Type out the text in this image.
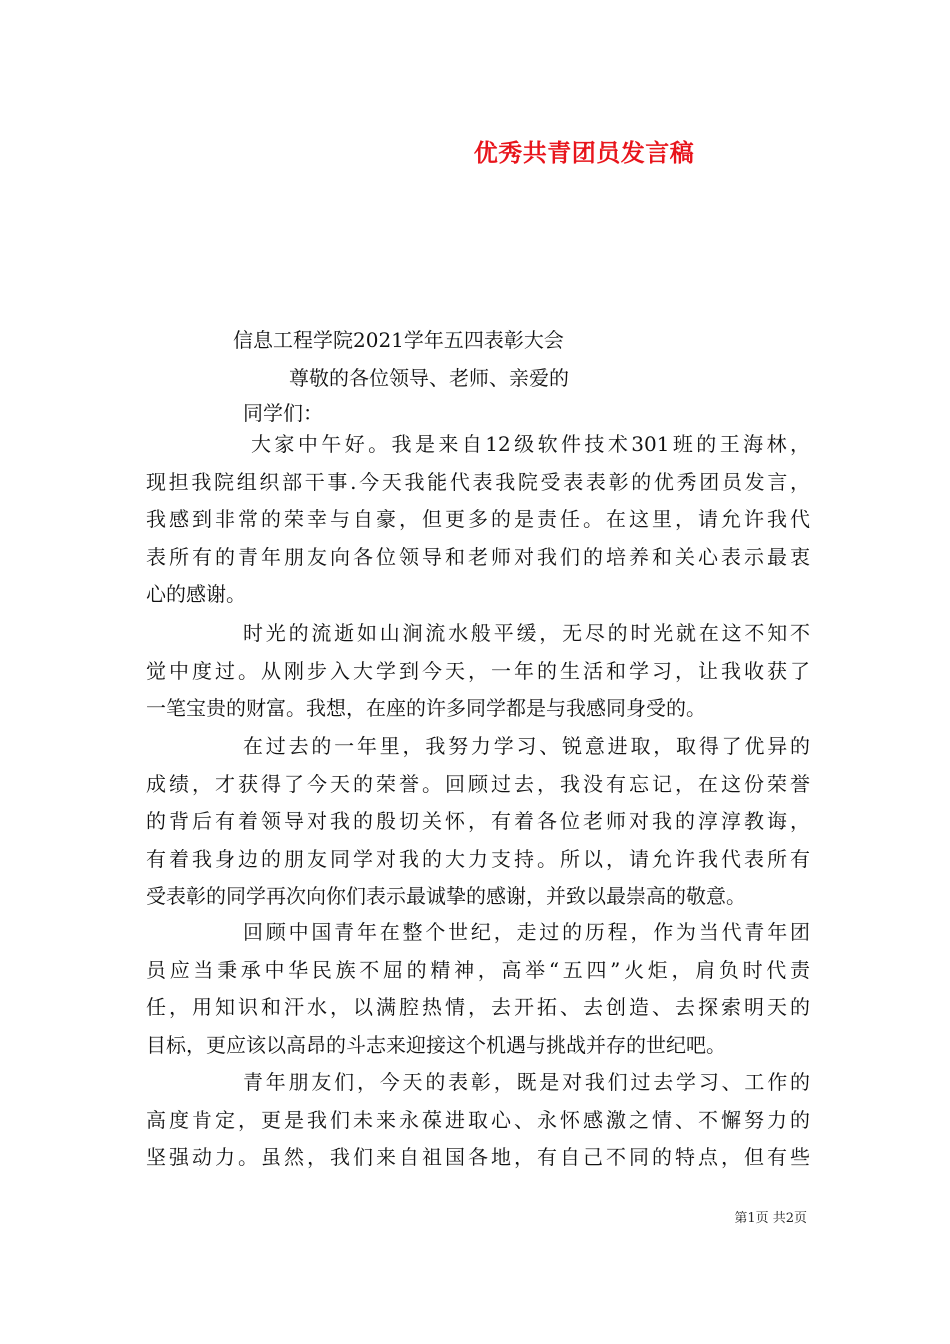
优秀共青团员发言稿
信息工程学院2021学年五四表彰大会
尊敬的各位领导、老师、亲爱的
同学们：
大家中午好。我是来自12级软件技术301班的王海林，
现担我院组织部干事.今天我能代表我院受表表彰的优秀团员发言，
我感到非常的荣幸与自豪，但更多的是责任。在这里，请允许我代
表所有的青年朋友向各位领导和老师对我们的培养和关心表示最衷
心的感谢。
时光的流逝如山涧流水般平缓，无尽的时光就在这不知不
觉中度过。从刚步入大学到今天，一年的生活和学习，让我收获了
一笔宝贵的财富。我想，在座的许多同学都是与我感同身受的。
在过去的一年里，我努力学习、锐意进取，取得了优异的
成绩，才获得了今天的荣誉。回顾过去，我没有忘记，在这份荣誉
的背后有着领导对我的殷切关怀，有着各位老师对我的淳淳教诲，
有着我身边的朋友同学对我的大力支持。所以，请允许我代表所有
受表彰的同学再次向你们表示最诚挚的感谢，并致以最崇高的敬意。
回顾中国青年在整个世纪，走过的历程，作为当代青年团
员应当秉承中华民族不屈的精神，高举“五四”火炬，肩负时代责
任，用知识和汗水，以满腔热情，去开拓、去创造、去探索明天的
目标，更应该以高昂的斗志来迎接这个机遇与挑战并存的世纪吧。
青年朋友们，今天的表彰，既是对我们过去学习、工作的
高度肯定，更是我们未来永葆进取心、永怀感激之情、不懈努力的
坚强动力。虽然，我们来自祖国各地，有自己不同的特点，但有些
第1页 共2页
